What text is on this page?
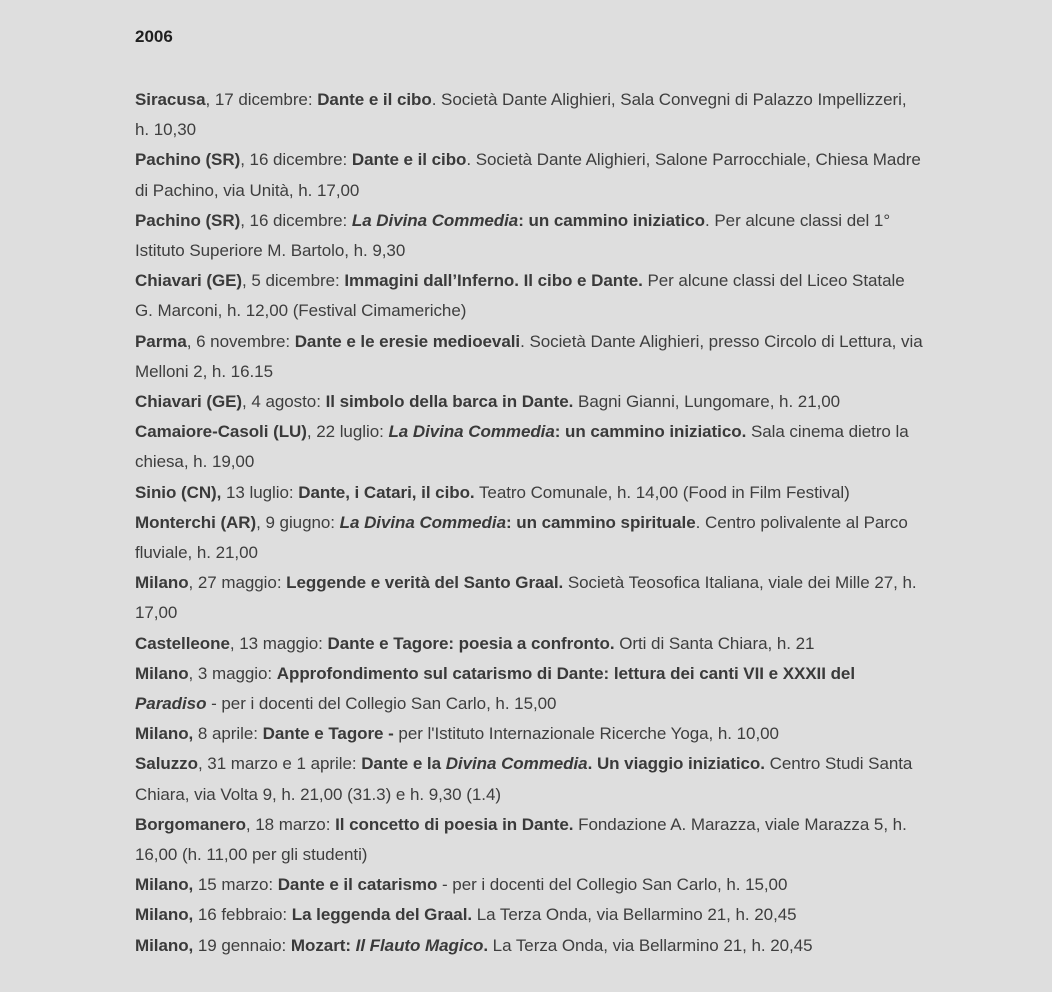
2006

Siracusa, 17 dicembre: Dante e il cibo. Società Dante Alighieri, Sala Convegni di Palazzo Impellizzeri, h. 10,30

Pachino (SR), 16 dicembre: Dante e il cibo. Società Dante Alighieri, Salone Parrocchiale, Chiesa Madre di Pachino, via Unità, h. 17,00

Pachino (SR), 16 dicembre: La Divina Commedia: un cammino iniziatico. Per alcune classi del 1° Istituto Superiore M. Bartolo, h. 9,30

Chiavari (GE), 5 dicembre: Immagini dall’Inferno. Il cibo e Dante. Per alcune classi del Liceo Statale G. Marconi, h. 12,00 (Festival Cimameriche)

Parma, 6 novembre: Dante e le eresie medioevali. Società Dante Alighieri, presso Circolo di Lettura, via Melloni 2, h. 16.15

Chiavari (GE), 4 agosto: Il simbolo della barca in Dante. Bagni Gianni, Lungomare, h. 21,00

Camaiore-Casoli (LU), 22 luglio: La Divina Commedia: un cammino iniziatico. Sala cinema dietro la chiesa, h. 19,00

Sinio (CN), 13 luglio: Dante, i Catari, il cibo. Teatro Comunale, h. 14,00 (Food in Film Festival)

Monterchi (AR), 9 giugno: La Divina Commedia: un cammino spirituale. Centro polivalente al Parco fluviale, h. 21,00

Milano, 27 maggio: Leggende e verità del Santo Graal. Società Teosofica Italiana, viale dei Mille 27, h. 17,00

Castelleone, 13 maggio: Dante e Tagore: poesia a confronto. Orti di Santa Chiara, h. 21

Milano, 3 maggio: Approfondimento sul catarismo di Dante: lettura dei canti VII e XXXII del Paradiso - per i docenti del Collegio San Carlo, h. 15,00

Milano, 8 aprile: Dante e Tagore - per l'Istituto Internazionale Ricerche Yoga, h. 10,00

Saluzzo, 31 marzo e 1 aprile: Dante e la Divina Commedia. Un viaggio iniziatico. Centro Studi Santa Chiara, via Volta 9, h. 21,00 (31.3) e h. 9,30 (1.4)

Borgomanero, 18 marzo: Il concetto di poesia in Dante. Fondazione A. Marazza, viale Marazza 5, h. 16,00 (h. 11,00 per gli studenti)

Milano, 15 marzo: Dante e il catarismo - per i docenti del Collegio San Carlo, h. 15,00

Milano, 16 febbraio: La leggenda del Graal. La Terza Onda, via Bellarmino 21, h. 20,45

Milano, 19 gennaio: Mozart: Il Flauto Magico. La Terza Onda, via Bellarmino 21, h. 20,45
